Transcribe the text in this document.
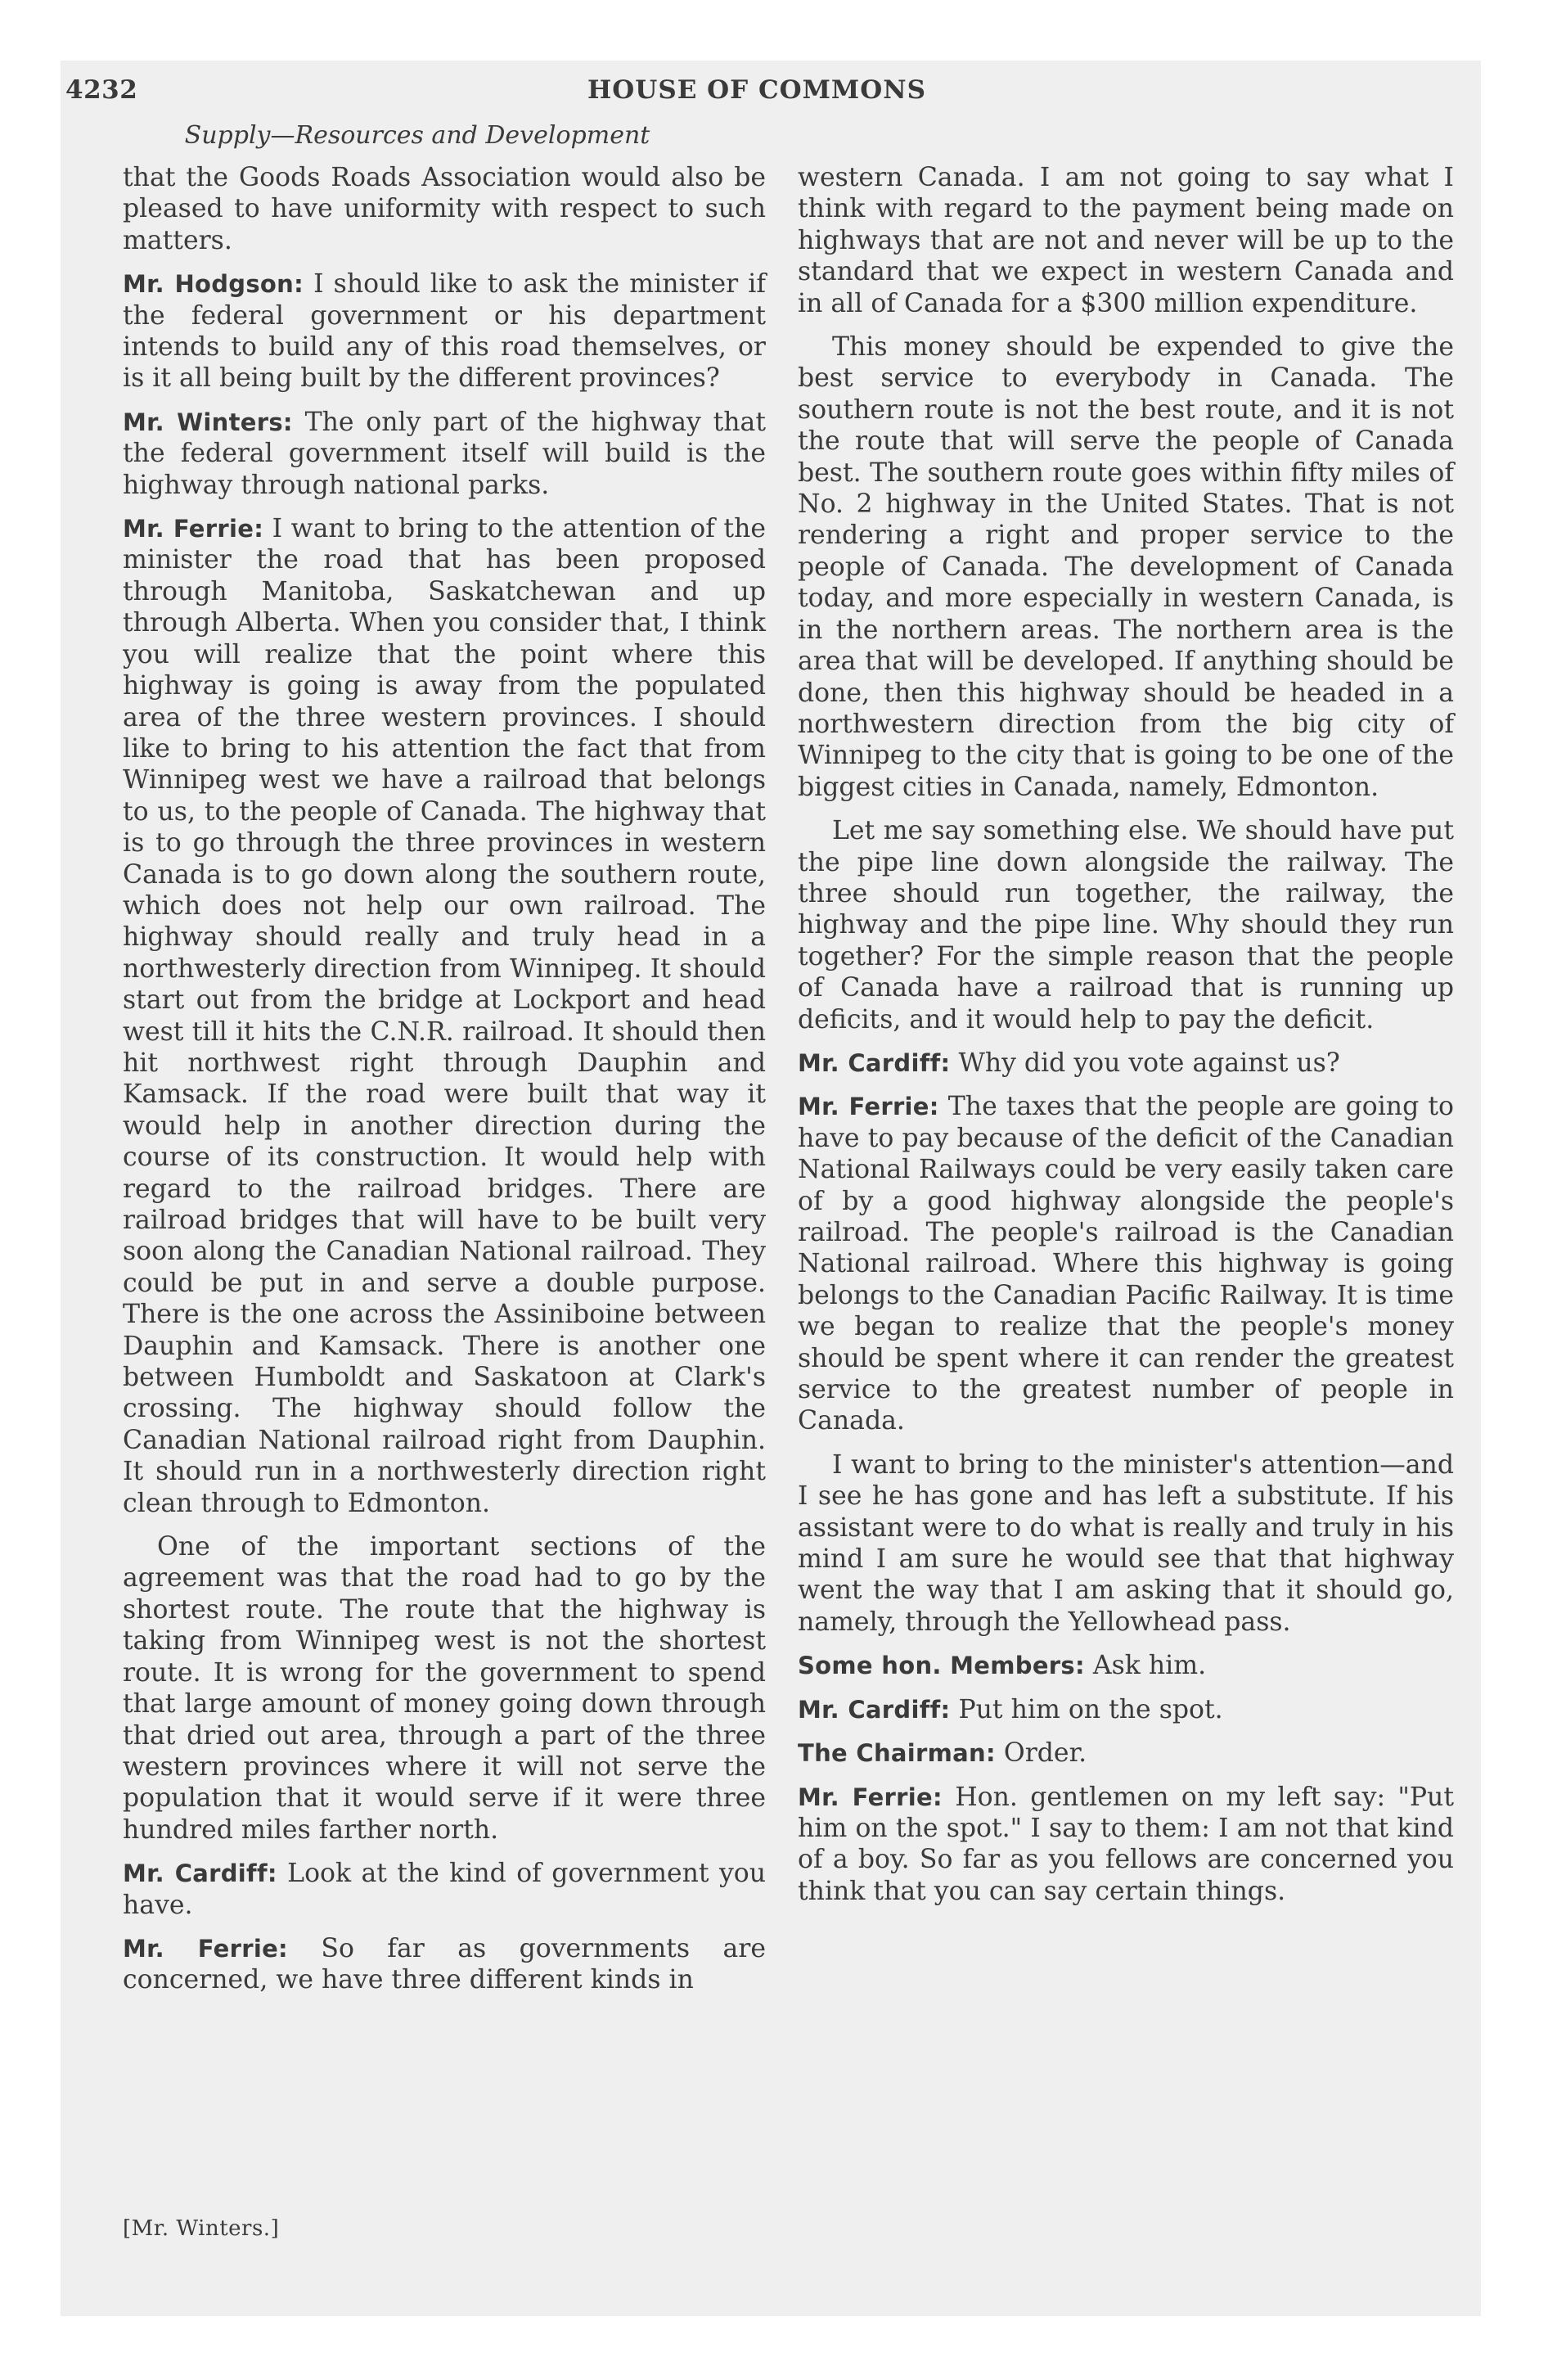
4232	HOUSE OF COMMONS
Supply—Resources and Development

that the Goods Roads Association would also be pleased to have uniformity with respect to such matters.

Mr. Hodgson: I should like to ask the minister if the federal government or his department intends to build any of this road themselves, or is it all being built by the different provinces?

Mr. Winters: The only part of the highway that the federal government itself will build is the highway through national parks.

Mr. Ferrie: I want to bring to the attention of the minister the road that has been proposed through Manitoba, Saskatchewan and up through Alberta. When you consider that, I think you will realize that the point where this highway is going is away from the populated area of the three western provinces. I should like to bring to his attention the fact that from Winnipeg west we have a railroad that belongs to us, to the people of Canada. The highway that is to go through the three provinces in western Canada is to go down along the southern route, which does not help our own railroad. The highway should really and truly head in a northwesterly direction from Winnipeg. It should start out from the bridge at Lockport and head west till it hits the C.N.R. railroad. It should then hit northwest right through Dauphin and Kamsack. If the road were built that way it would help in another direction during the course of its construction. It would help with regard to the railroad bridges. There are railroad bridges that will have to be built very soon along the Canadian National railroad. They could be put in and serve a double purpose. There is the one across the Assiniboine between Dauphin and Kamsack. There is another one between Humboldt and Saskatoon at Clark's crossing. The highway should follow the Canadian National railroad right from Dauphin. It should run in a northwesterly direction right clean through to Edmonton.

One of the important sections of the agreement was that the road had to go by the shortest route. The route that the highway is taking from Winnipeg west is not the shortest route. It is wrong for the government to spend that large amount of money going down through that dried out area, through a part of the three western provinces where it will not serve the population that it would serve if it were three hundred miles farther north.

Mr. Cardiff: Look at the kind of government you have.

Mr. Ferrie: So far as governments are concerned, we have three different kinds in

western Canada. I am not going to say what I think with regard to the payment being made on highways that are not and never will be up to the standard that we expect in western Canada and in all of Canada for a $300 million expenditure.

This money should be expended to give the best service to everybody in Canada. The southern route is not the best route, and it is not the route that will serve the people of Canada best. The southern route goes within fifty miles of No. 2 highway in the United States. That is not rendering a right and proper service to the people of Canada. The development of Canada today, and more especially in western Canada, is in the northern areas. The northern area is the area that will be developed. If anything should be done, then this highway should be headed in a northwestern direction from the big city of Winnipeg to the city that is going to be one of the biggest cities in Canada, namely, Edmonton.

Let me say something else. We should have put the pipe line down alongside the railway. The three should run together, the railway, the highway and the pipe line. Why should they run together? For the simple reason that the people of Canada have a railroad that is running up deficits, and it would help to pay the deficit.

Mr. Cardiff: Why did you vote against us?

Mr. Ferrie: The taxes that the people are going to have to pay because of the deficit of the Canadian National Railways could be very easily taken care of by a good highway alongside the people's railroad. The people's railroad is the Canadian National railroad. Where this highway is going belongs to the Canadian Pacific Railway. It is time we began to realize that the people's money should be spent where it can render the greatest service to the greatest number of people in Canada.

I want to bring to the minister's attention—and I see he has gone and has left a substitute. If his assistant were to do what is really and truly in his mind I am sure he would see that that highway went the way that I am asking that it should go, namely, through the Yellowhead pass.

Some hon. Members: Ask him.

Mr. Cardiff: Put him on the spot.

The Chairman: Order.

Mr. Ferrie: Hon. gentlemen on my left say: "Put him on the spot." I say to them: I am not that kind of a boy. So far as you fellows are concerned you think that you can say certain things.

[Mr. Winters.]
